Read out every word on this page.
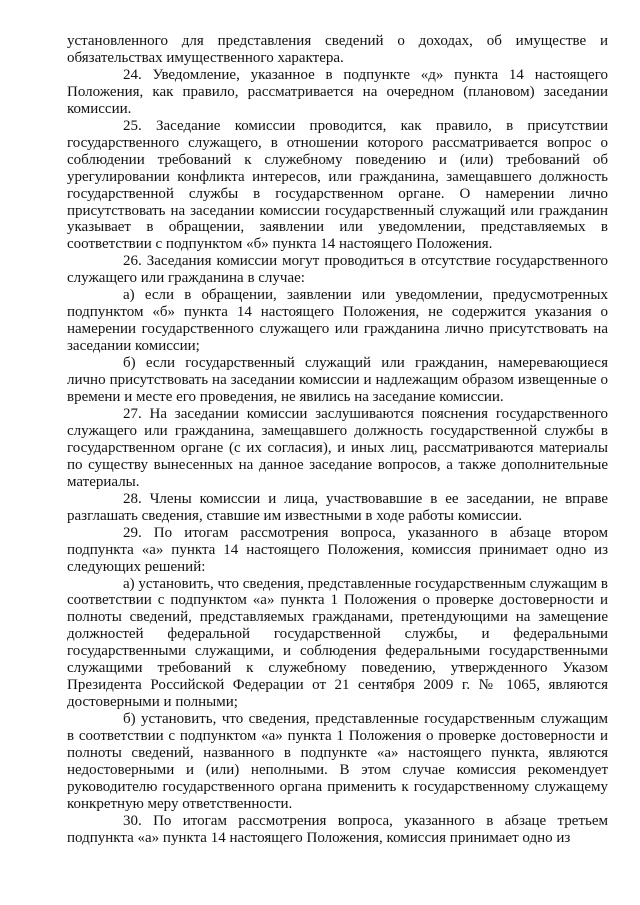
установленного для представления сведений о доходах, об имуществе и обязательствах имущественного характера.

24. Уведомление, указанное в подпункте «д» пункта 14 настоящего Положения, как правило, рассматривается на очередном (плановом) заседании комиссии.

25. Заседание комиссии проводится, как правило, в присутствии государственного служащего, в отношении которого рассматривается вопрос о соблюдении требований к служебному поведению и (или) требований об урегулировании конфликта интересов, или гражданина, замещавшего должность государственной службы в государственном органе. О намерении лично присутствовать на заседании комиссии государственный служащий или гражданин указывает в обращении, заявлении или уведомлении, представляемых в соответствии с подпунктом «б» пункта 14 настоящего Положения.

26. Заседания комиссии могут проводиться в отсутствие государственного служащего или гражданина в случае:

а) если в обращении, заявлении или уведомлении, предусмотренных подпунктом «б» пункта 14 настоящего Положения, не содержится указания о намерении государственного служащего или гражданина лично присутствовать на заседании комиссии;

б) если государственный служащий или гражданин, намеревающиеся лично присутствовать на заседании комиссии и надлежащим образом извещенные о времени и месте его проведения, не явились на заседание комиссии.

27. На заседании комиссии заслушиваются пояснения государственного служащего или гражданина, замещавшего должность государственной службы в государственном органе (с их согласия), и иных лиц, рассматриваются материалы по существу вынесенных на данное заседание вопросов, а также дополнительные материалы.

28. Члены комиссии и лица, участвовавшие в ее заседании, не вправе разглашать сведения, ставшие им известными в ходе работы комиссии.

29. По итогам рассмотрения вопроса, указанного в абзаце втором подпункта «а» пункта 14 настоящего Положения, комиссия принимает одно из следующих решений:

а) установить, что сведения, представленные государственным служащим в соответствии с подпунктом «а» пункта 1 Положения о проверке достоверности и полноты сведений, представляемых гражданами, претендующими на замещение должностей федеральной государственной службы, и федеральными государственными служащими, и соблюдения федеральными государственными служащими требований к служебному поведению, утвержденного Указом Президента Российской Федерации от 21 сентября 2009 г. № 1065, являются достоверными и полными;

б) установить, что сведения, представленные государственным служащим в соответствии с подпунктом «а» пункта 1 Положения о проверке достоверности и полноты сведений, названного в подпункте «а» настоящего пункта, являются недостоверными и (или) неполными. В этом случае комиссия рекомендует руководителю государственного органа применить к государственному служащему конкретную меру ответственности.

30. По итогам рассмотрения вопроса, указанного в абзаце третьем подпункта «а» пункта 14 настоящего Положения, комиссия принимает одно из
